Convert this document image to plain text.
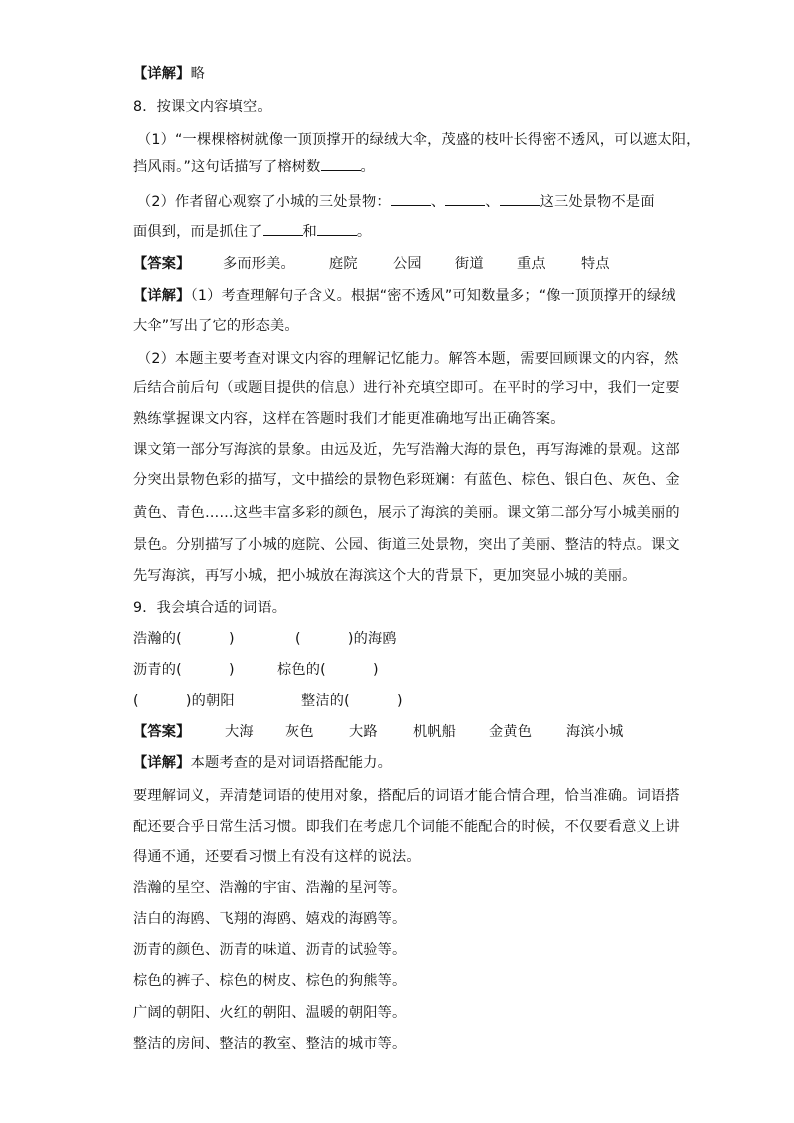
【详解】略
8．按课文内容填空。
（1）“一棵棵榕树就像一顶顶撑开的绿绒大伞，茂盛的枝叶长得密不透风，可以遮太阳，
挡风雨。”这句话描写了榕树数	。
（2）作者留心观察了小城的三处景物：	、	、	这三处景物不是面
面俱到，而是抓住了	和	。
【答案】 多而形美。 庭院 公园 街道 重点 特点
【详解】（1）考查理解句子含义。根据“密不透风”可知数量多；“像一顶顶撑开的绿绒
大伞”写出了它的形态美。
（2）本题主要考查对课文内容的理解记忆能力。解答本题，需要回顾课文的内容，然
后结合前后句（或题目提供的信息）进行补充填空即可。在平时的学习中，我们一定要
熟练掌握课文内容，这样在答题时我们才能更准确地写出正确答案。
课文第一部分写海滨的景象。由远及近，先写浩瀚大海的景色，再写海滩的景观。这部
分突出景物色彩的描写，文中描绘的景物色彩斑斓：有蓝色、棕色、银白色、灰色、金
黄色、青色……这些丰富多彩的颜色，展示了海滨的美丽。课文第二部分写小城美丽的
景色。分别描写了小城的庭院、公园、街道三处景物，突出了美丽、整洁的特点。课文
先写海滨，再写小城，把小城放在海滨这个大的背景下，更加突显小城的美丽。
9．我会填合适的词语。
浩瀚的(          )	(          )的海鸥
沥青的(          )	棕色的(          )
(          )的朝阳	整洁的(          )
【答案】 大海 灰色 大路 机帆船 金黄色 海滨小城
【详解】本题考查的是对词语搭配能力。
要理解词义，弄清楚词语的使用对象，搭配后的词语才能合情合理，恰当准确。词语搭
配还要合乎日常生活习惯。即我们在考虑几个词能不能配合的时候，不仅要看意义上讲
得通不通，还要看习惯上有没有这样的说法。
浩瀚的星空、浩瀚的宇宙、浩瀚的星河等。
洁白的海鸥、飞翔的海鸥、嬉戏的海鸥等。
沥青的颜色、沥青的味道、沥青的试验等。
棕色的裤子、棕色的树皮、棕色的狗熊等。
广阔的朝阳、火红的朝阳、温暖的朝阳等。
整洁的房间、整洁的教室、整洁的城市等。
